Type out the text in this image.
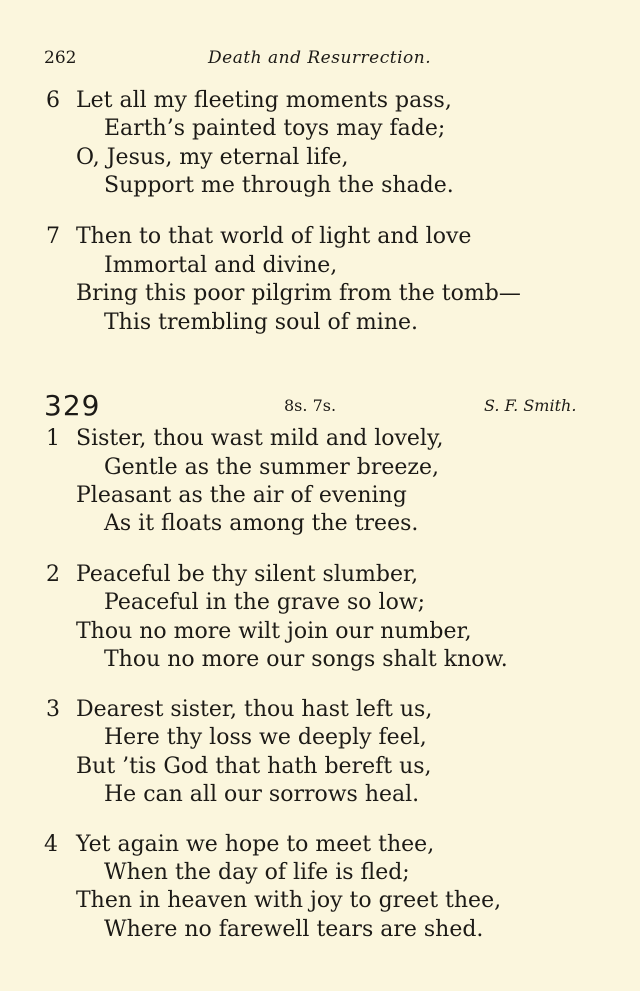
262	Death and Resurrection.
6 Let all my fleeting moments pass,
Earth’s painted toys may fade;
O, Jesus, my eternal life,
Support me through the shade.
7 Then to that world of light and love
Immortal and divine,
Bring this poor pilgrim from the tomb—
This trembling soul of mine.
329	8s. 7s.	S. F. Smith.
1 Sister, thou wast mild and lovely,
Gentle as the summer breeze,
Pleasant as the air of evening
As it floats among the trees.
2 Peaceful be thy silent slumber,
Peaceful in the grave so low;
Thou no more wilt join our number,
Thou no more our songs shalt know.
3 Dearest sister, thou hast left us,
Here thy loss we deeply feel,
But ’tis God that hath bereft us,
He can all our sorrows heal.
4 Yet again we hope to meet thee,
When the day of life is fled;
Then in heaven with joy to greet thee,
Where no farewell tears are shed.
